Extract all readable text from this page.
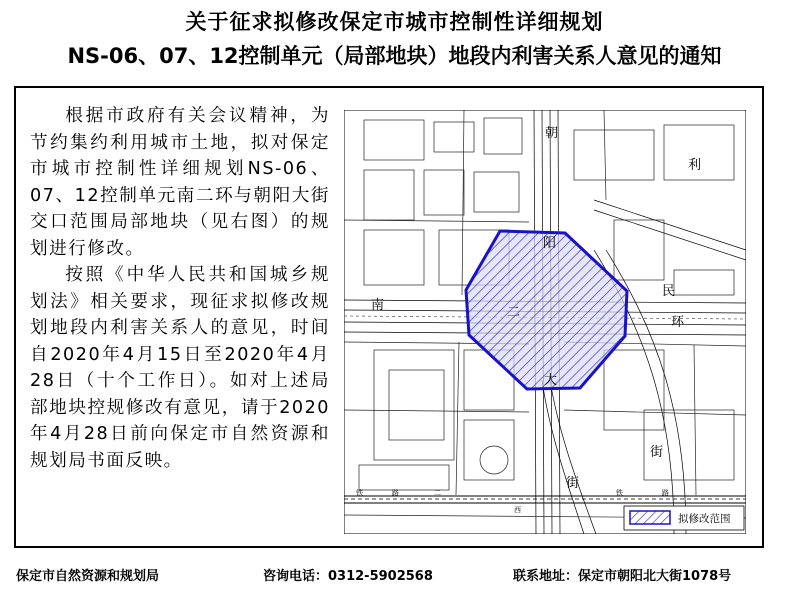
关于征求拟修改保定市城市控制性详细规划
NS-06、07、12控制单元（局部地块）地段内利害关系人意见的通知

根据市政府有关会议精神，为节约集约利用城市土地，拟对保定市城市控制性详细规划NS-06、07、12控制单元南二环与朝阳大街交口范围局部地块（见右图）的规划进行修改。

按照《中华人民共和国城乡规划法》相关要求，现征求拟修改规划地段内利害关系人的意见，时间自2020年4月15日至2020年4月28日（十个工作日）。如对上述局部地块控规修改有意见，请于2020年4月28日前向保定市自然资源和规划局书面反映。

朝
阳
大
街
南	二
环
利
民
街
铁	路	二
西
铁	路
拟修改范围
保定市自然资源和规划局	咨询电话：0312-5902568	联系地址：保定市朝阳北大街1078号
